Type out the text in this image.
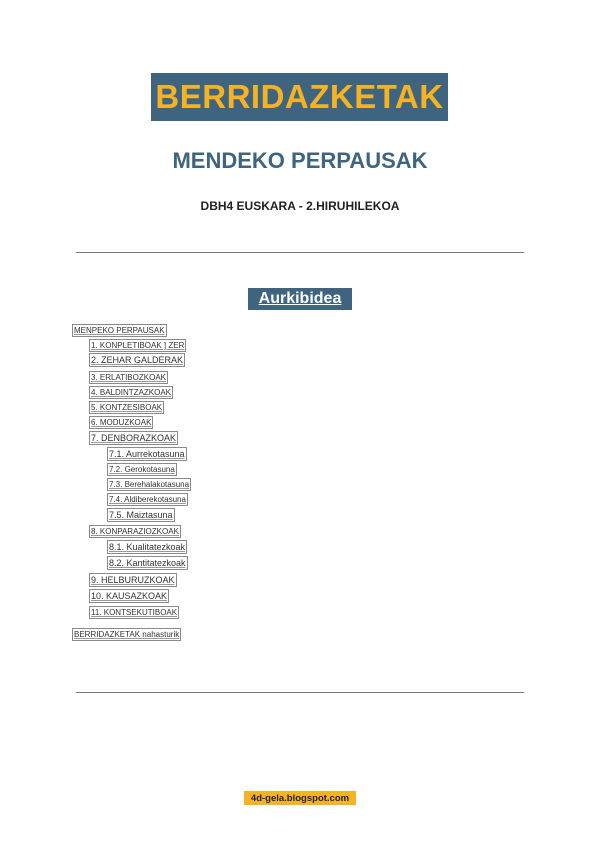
BERRIDAZKETAK
MENDEKO PERPAUSAK
DBH4 EUSKARA - 2.HIRUHILEKOA
Aurkibidea
MENPEKO PERPAUSAK
1. KONPLETIBOAK ] ZER
2. ZEHAR GALDERAK
3. ERLATIBOZKOAK
4. BALDINTZAZKOAK
5. KONTZESIBOAK
6. MODUZKOAK
7. DENBORAZKOAK
7.1. Aurrekotasuna
7.2. Gerokotasuna
7.3. Berehalakotasuna
7.4. Aldiberekotasuna
7.5. Maiztasuna
8. KONPARAZIOZKOAK
8.1. Kualitatezkoak
8.2. Kantitatezkoak
9. HELBURUZKOAK
10. KAUSAZKOAK
11. KONTSEKUTIBOAK
BERRIDAZKETAK nahasturik
4d-gela.blogspot.com
